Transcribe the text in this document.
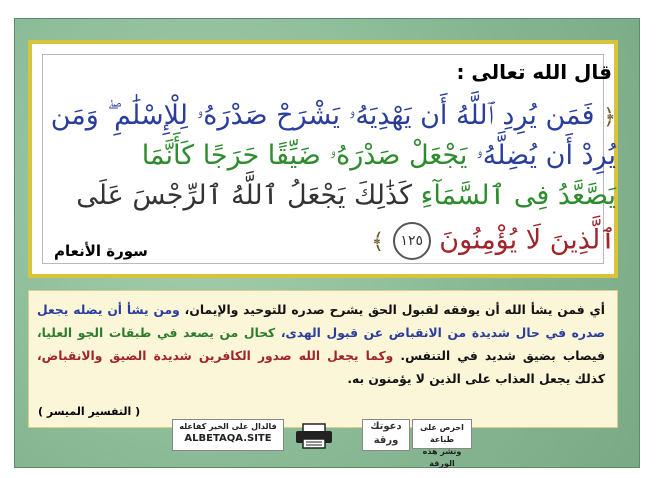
قال الله تعالى :
﴿ فَمَن يُرِدِ ٱللَّهُ أَن يَهْدِيَهُۥ يَشْرَحْ صَدْرَهُۥ لِلْإِسْلَٰمِ ۖ وَمَن
يُرِدْ أَن يُضِلَّهُۥ يَجْعَلْ صَدْرَهُۥ ضَيِّقًا حَرَجًا كَأَنَّمَا
يَصَّعَّدُ فِى ٱلسَّمَآءِ كَذَٰلِكَ يَجْعَلُ ٱللَّهُ ٱلرِّجْسَ عَلَى
ٱلَّذِينَ لَا يُؤْمِنُونَ ١٢٥ ﴾
سورة الأنعام
أي فمن يشأ الله أن يوفقه لقبول الحق يشرح صدره للتوحيد والإيمان، ومن يشأ أن يضله يجعل صدره في حال شديدة من الانقباض عن قبول الهدى، كحال من يصعد في طبقات الجو العليا، فيصاب بضيق شديد في التنفس. وكما يجعل الله صدور الكافرين شديدة الضيق والانقباض، كذلك يجعل العذاب على الذين لا يؤمنون به.
( التفسير الميسر )
فالدال على الخير كفاعله
ALBETAQA.SITE
دعوتك ورقة
احرص على طباعة
ونشر هذه الورقة
